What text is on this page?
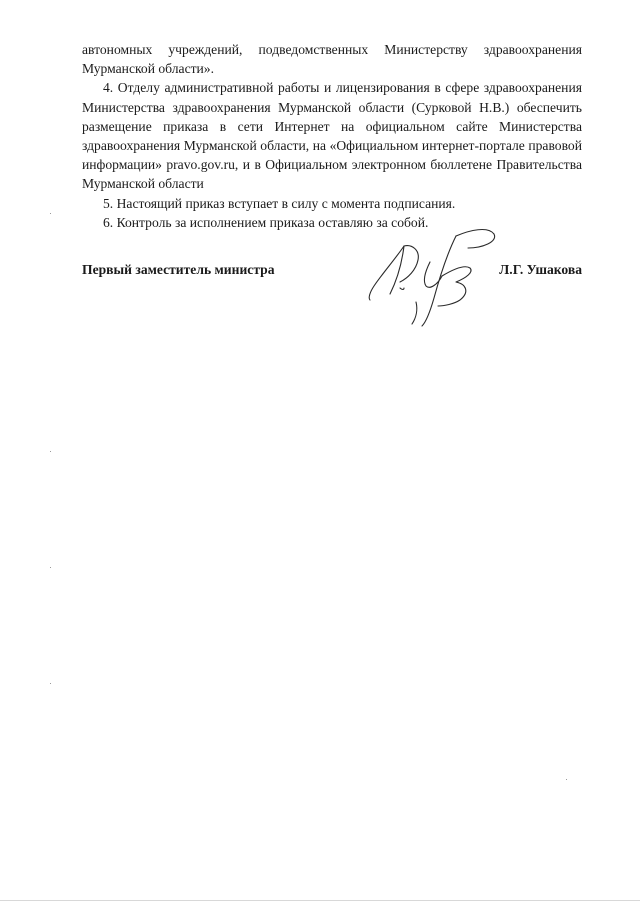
автономных учреждений, подведомственных Министерству здравоохранения Мурманской области».

4. Отделу административной работы и лицензирования в сфере здравоохранения Министерства здравоохранения Мурманской области (Сурковой Н.В.) обеспечить размещение приказа в сети Интернет на официальном сайте Министерства здравоохранения Мурманской области, на «Официальном интернет-портале правовой информации» pravo.gov.ru, и в Официальном электронном бюллетене Правительства Мурманской области

5. Настоящий приказ вступает в силу с момента подписания.

6. Контроль за исполнением приказа оставляю за собой.

Первый заместитель министра	Л.Г. Ушакова
